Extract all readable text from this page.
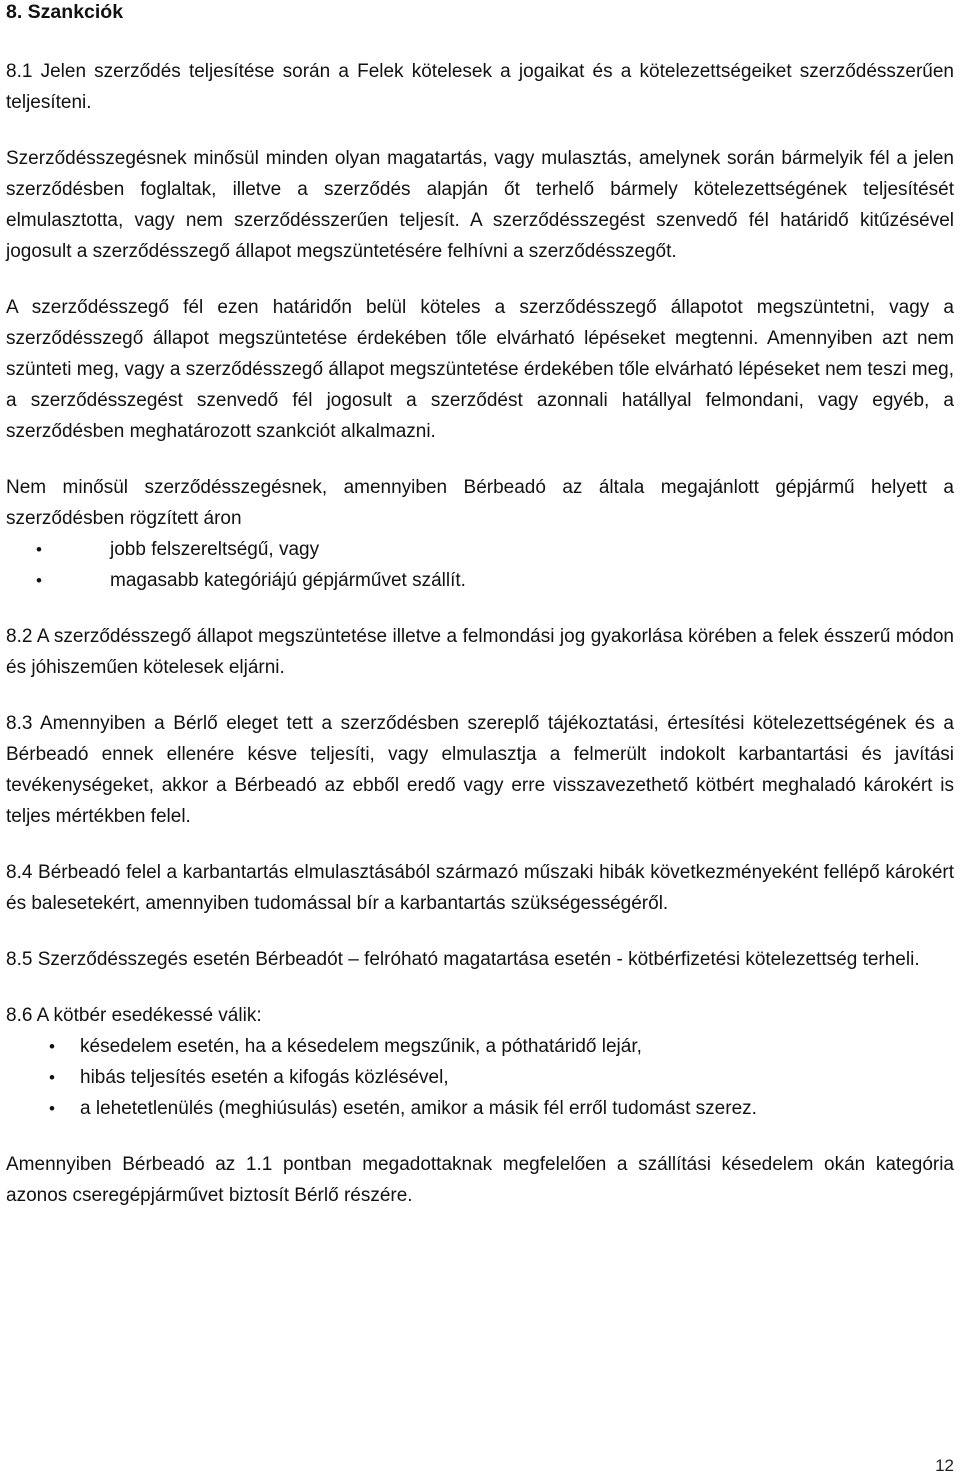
8. Szankciók

8.1 Jelen szerződés teljesítése során a Felek kötelesek a jogaikat és a kötelezettségeiket szerződésszerűen teljesíteni.

Szerződésszegésnek minősül minden olyan magatartás, vagy mulasztás, amelynek során bármelyik fél a jelen szerződésben foglaltak, illetve a szerződés alapján őt terhelő bármely kötelezettségének teljesítését elmulasztotta, vagy nem szerződésszerűen teljesít. A szerződésszegést szenvedő fél határidő kitűzésével jogosult a szerződésszegő állapot megszüntetésére felhívni a szerződésszegőt.

A szerződésszegő fél ezen határidőn belül köteles a szerződésszegő állapotot megszüntetni, vagy a szerződésszegő állapot megszüntetése érdekében tőle elvárható lépéseket megtenni. Amennyiben azt nem szünteti meg, vagy a szerződésszegő állapot megszüntetése érdekében tőle elvárható lépéseket nem teszi meg, a szerződésszegést szenvedő fél jogosult a szerződést azonnali hatállyal felmondani, vagy egyéb, a szerződésben meghatározott szankciót alkalmazni.

Nem minősül szerződésszegésnek, amennyiben Bérbeadó az általa megajánlott gépjármű helyett a szerződésben rögzített áron

•	jobb felszereltségű, vagy
•	magasabb kategóriájú gépjárművet szállít.

8.2 A szerződésszegő állapot megszüntetése illetve a felmondási jog gyakorlása körében a felek ésszerű módon és jóhiszeműen kötelesek eljárni.

8.3 Amennyiben a Bérlő eleget tett a szerződésben szereplő tájékoztatási, értesítési kötelezettségének és a Bérbeadó ennek ellenére késve teljesíti, vagy elmulasztja a felmerült indokolt karbantartási és javítási tevékenységeket, akkor a Bérbeadó az ebből eredő vagy erre visszavezethető kötbért meghaladó károkért is teljes mértékben felel.

8.4 Bérbeadó felel a karbantartás elmulasztásából származó műszaki hibák következményeként fellépő károkért és balesetekért, amennyiben tudomással bír a karbantartás szükségességéről.

8.5 Szerződésszegés esetén Bérbeadót – felróható magatartása esetén - kötbérfizetési kötelezettség terheli.

8.6 A kötbér esedékessé válik:

• késedelem esetén, ha a késedelem megszűnik, a póthatáridő lejár,
• hibás teljesítés esetén a kifogás közlésével,
• a lehetetlenülés (meghiúsulás) esetén, amikor a másik fél erről tudomást szerez.

Amennyiben Bérbeadó az 1.1 pontban megadottaknak megfelelően a szállítási késedelem okán kategória azonos cseregépjárművet biztosít Bérlő részére.

12
